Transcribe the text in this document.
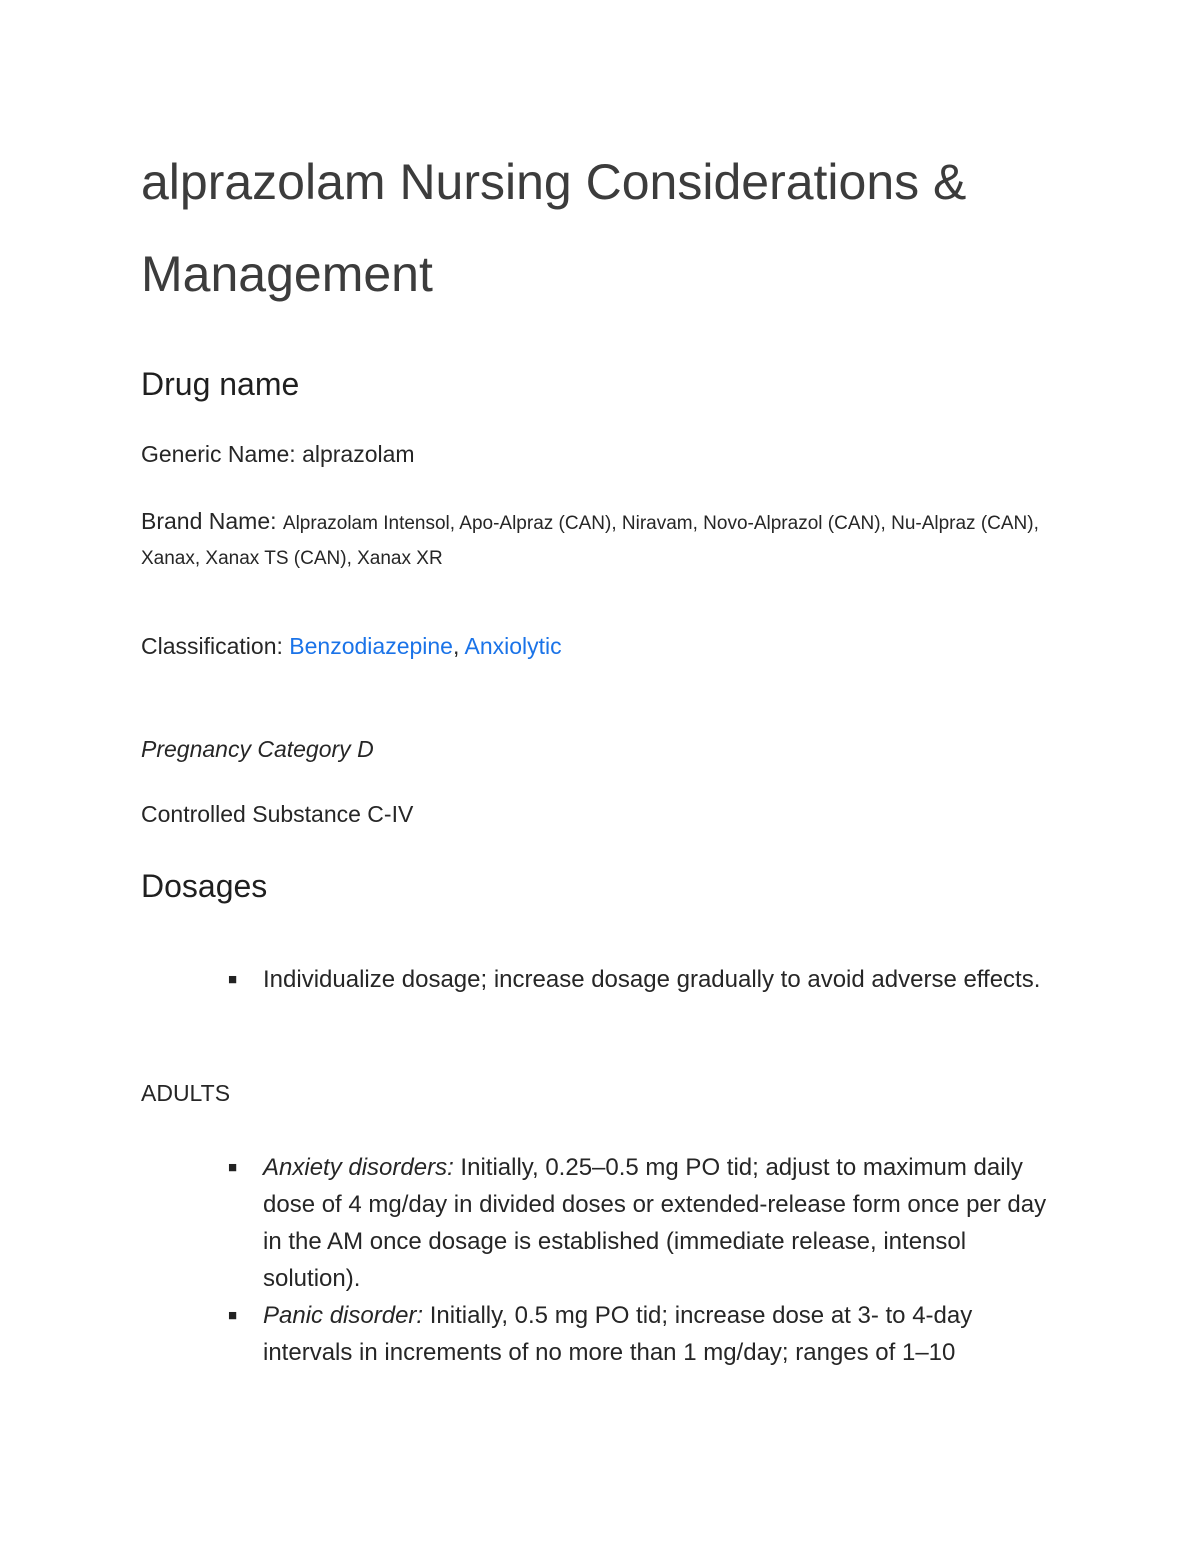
alprazolam Nursing Considerations & Management
Drug name

Generic Name: alprazolam

Brand Name: Alprazolam Intensol, Apo-Alpraz (CAN), Niravam, Novo-Alprazol (CAN), Nu-Alpraz (CAN), Xanax, Xanax TS (CAN), Xanax XR

Classification: Benzodiazepine, Anxiolytic

Pregnancy Category D

Controlled Substance C-IV

Dosages
■ Individualize dosage; increase dosage gradually to avoid adverse effects.

ADULTS

■ Anxiety disorders: Initially, 0.25–0.5 mg PO tid; adjust to maximum daily dose of 4 mg/day in divided doses or extended-release form once per day in the AM once dosage is established (immediate release, intensol solution).
■ Panic disorder: Initially, 0.5 mg PO tid; increase dose at 3- to 4-day intervals in increments of no more than 1 mg/day; ranges of 1–10
